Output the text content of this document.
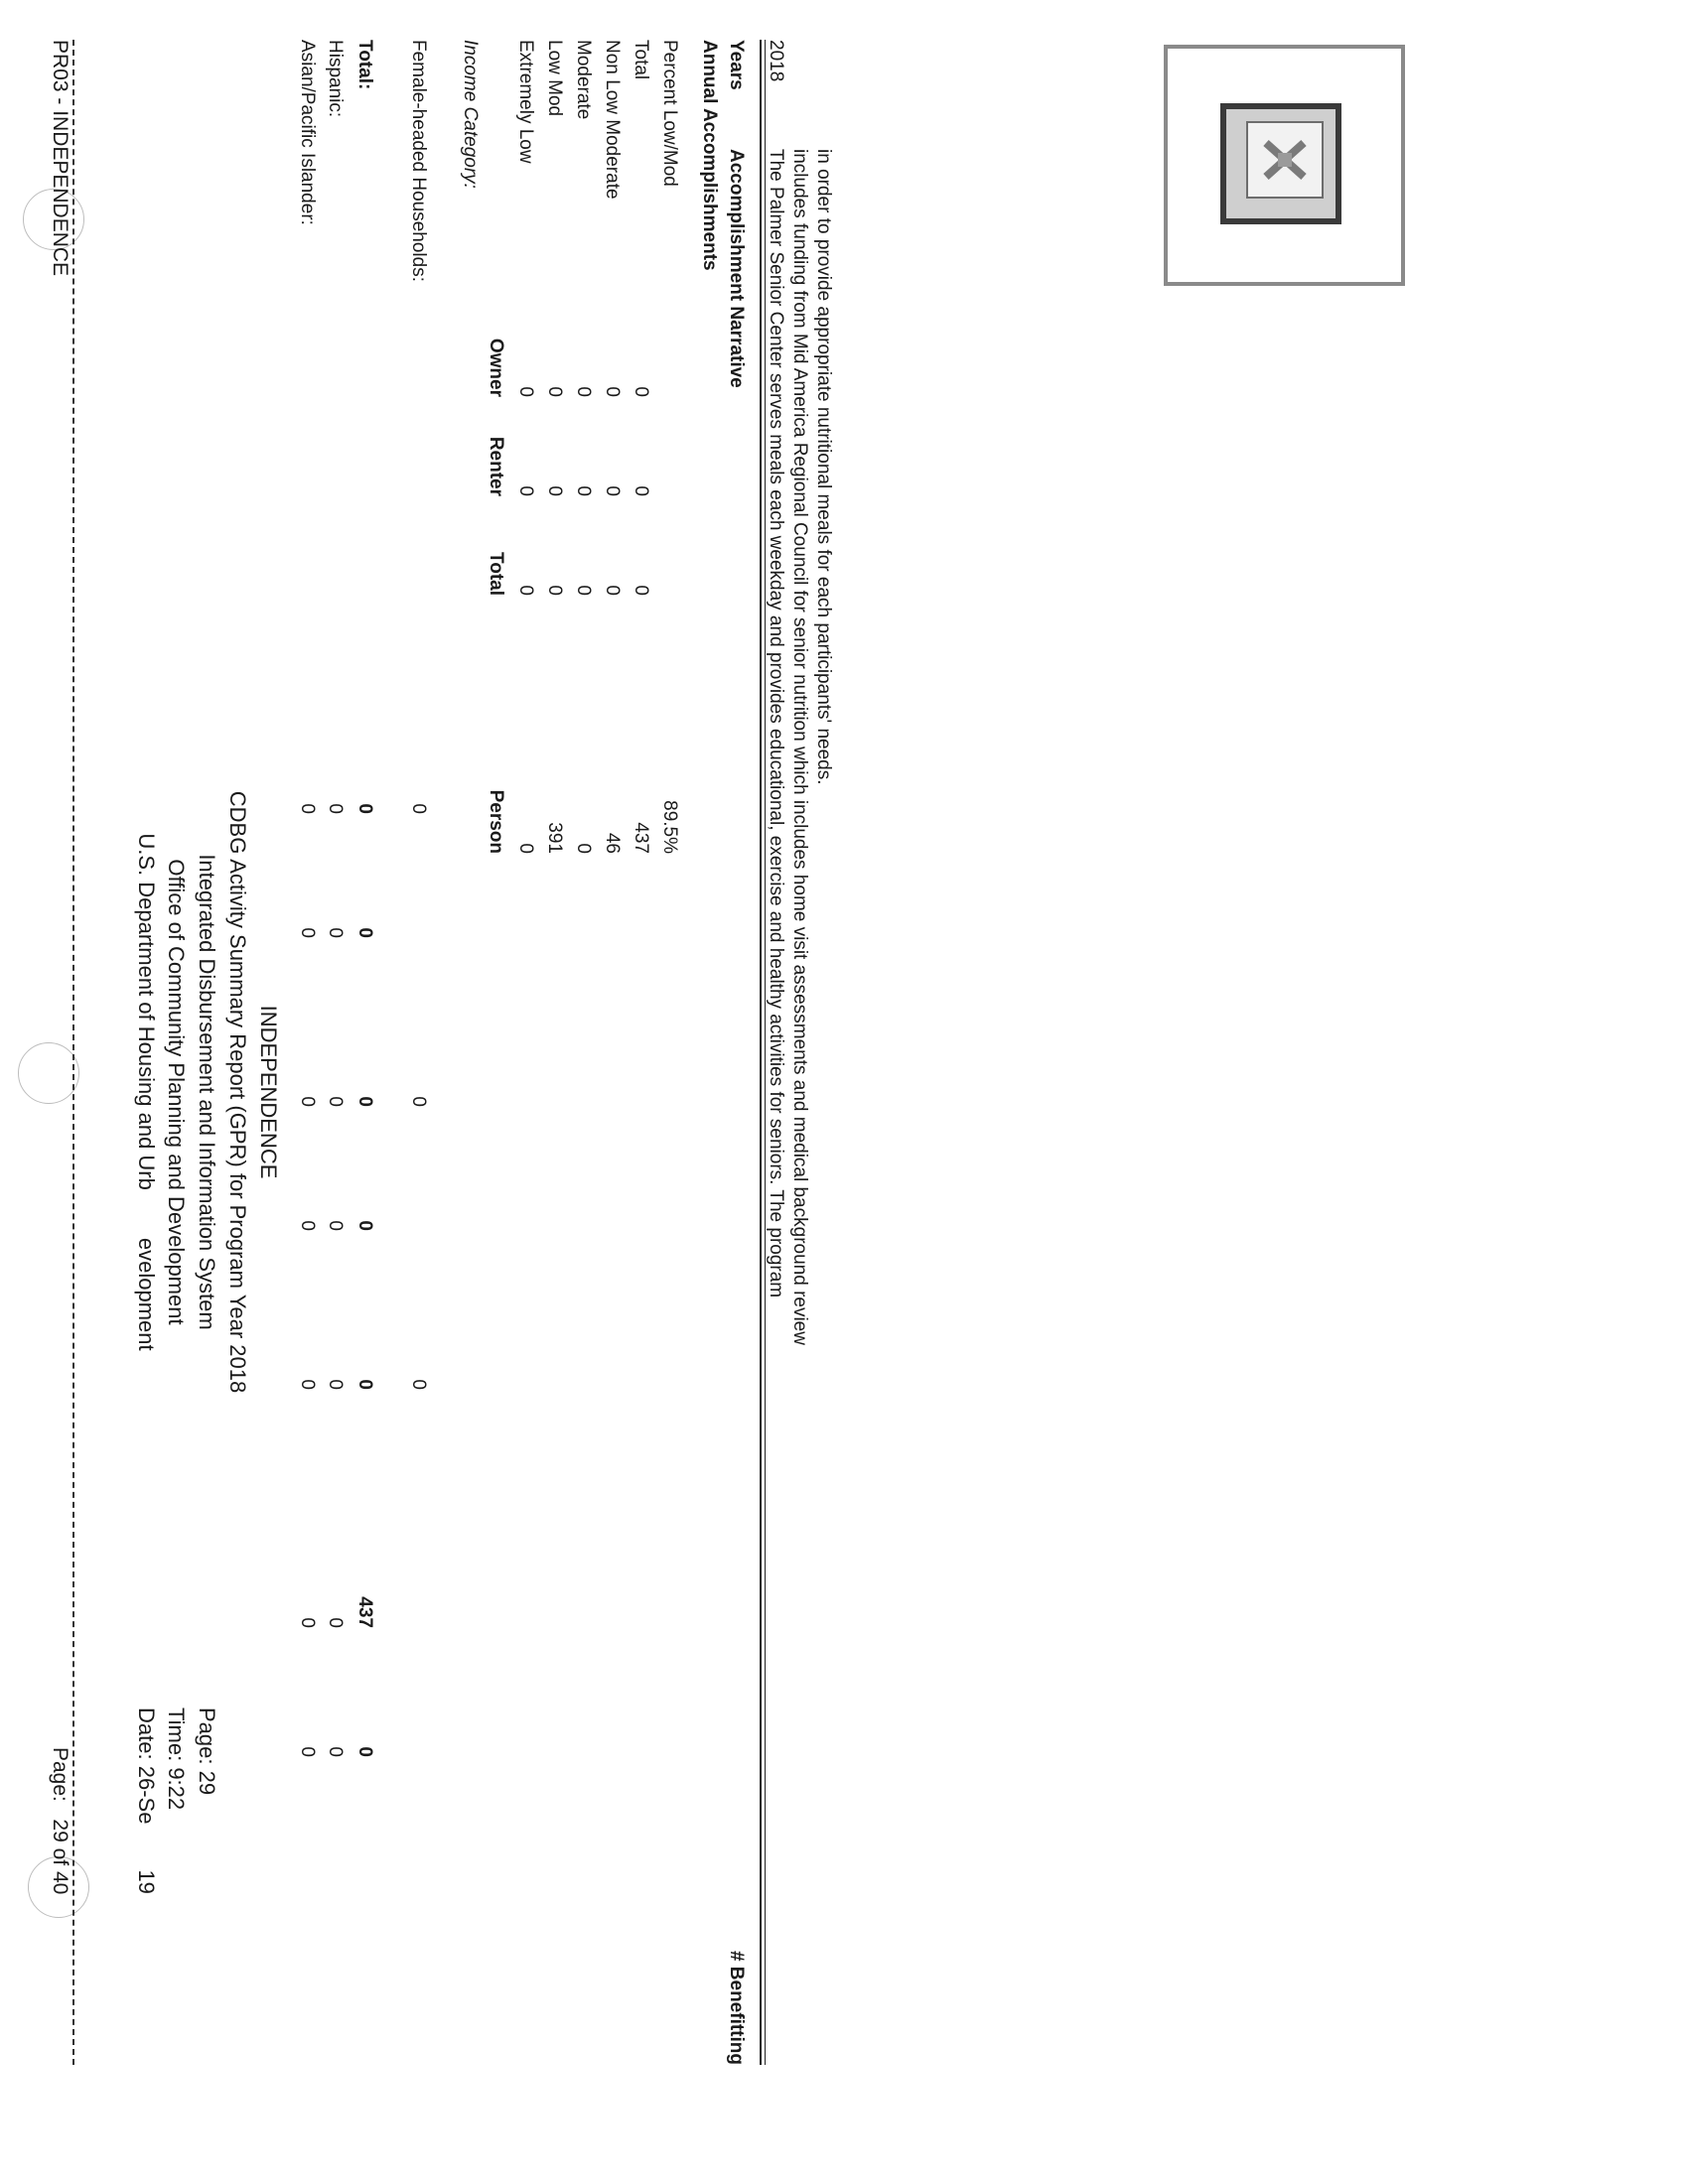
U.S. Department of Housing and Urbevelopment Office of Community Planning and Development Integrated Disbursement and Information System CDBG Activity Summary Report (GPR) for Program Year 2018 INDEPENDENCE
Date: 26-Se19
Time: 9:22
Page: 29
Asian/Pacific Islander: Hispanic: Total:
0
0
0
0
0
0
0
0
0
0
0
0
0
0
0
0
0
0
0
437
0
Female-headed Households:
0
0
0
Income Category:
Owner
Renter
Total
Person
Extremely Low Low Mod Moderate Non Low Moderate Total
0
0
0
0
0
0
0
391
0
0
0
0
0
0
0
46
0
0
0
437
Percent Low/Mod
89.5%
Annual Accomplishments Years
Accomplishment Narrative
# Benefitting
2018
The Palmer Senior Center serves meals each weekday and provides educational, exercise and healthy activities for seniors. The program includes funding from Mid America Regional Council for senior nutrition which includes home visit assessments and medical background review in order to provide appropriate nutritional meals for each participants' needs.
PR03 - INDEPENDENCE
Page:   29 of 40
